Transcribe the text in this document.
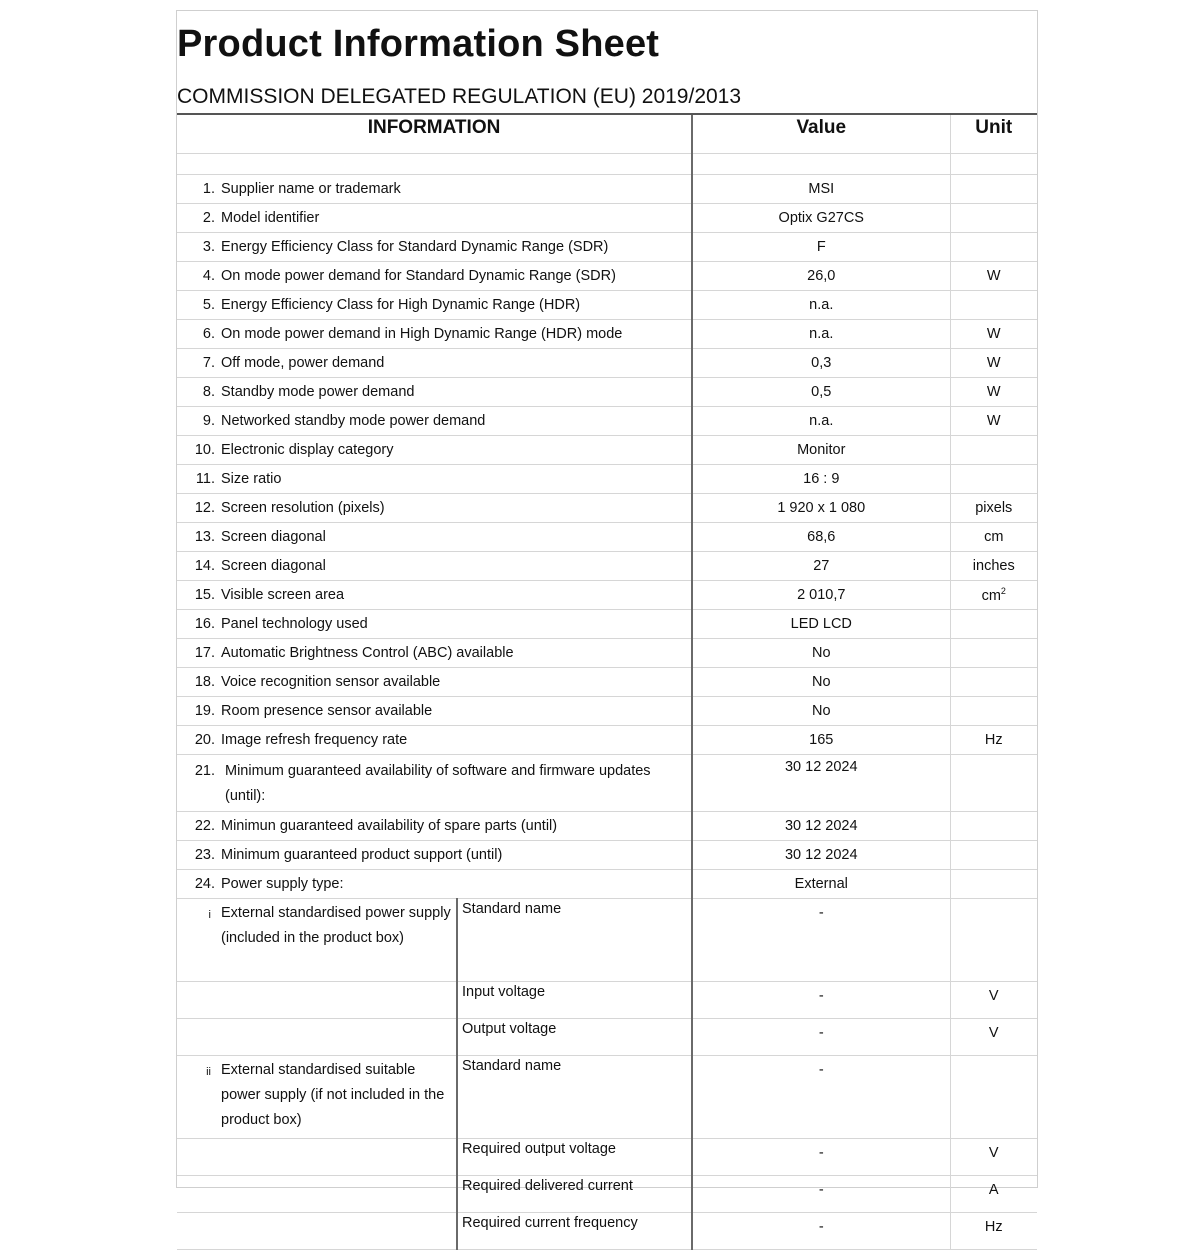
Product Information Sheet
COMMISSION DELEGATED REGULATION (EU) 2019/2013
INFORMATION		Value	Unit

1. Supplier name or trademark		MSI	
2. Model identifier		Optix G27CS	
3. Energy Efficiency Class for Standard Dynamic Range (SDR)		F	
4. On mode power demand for Standard Dynamic Range (SDR)		26,0	W
5. Energy Efficiency Class for High Dynamic Range (HDR)		n.a.	
6. On mode power demand in High Dynamic Range (HDR) mode		n.a.	W
7. Off mode, power demand		0,3	W
8. Standby mode power demand		0,5	W
9. Networked standby mode power demand		n.a.	W
10. Electronic display category		Monitor	
11. Size ratio		16 : 9	
12. Screen resolution (pixels)		1 920 x 1 080	pixels
13. Screen diagonal		68,6	cm
14. Screen diagonal		27	inches
15. Visible screen area		2 010,7	$cm^2$
16. Panel technology used		LED LCD	
17. Automatic Brightness Control (ABC) available		No	
18. Voice recognition sensor available		No	
19. Room presence sensor available		No	
20. Image refresh frequency rate		165	Hz

21. Minimum guaranteed availability of software and firmware updates (until):		30 12 2024	
22. Minimun guaranteed availability of spare parts (until)		30 12 2024	
23. Minimum guaranteed product support (until)		30 12 2024	
24. Power supply type:		External	

i External standardised power supply (included in the product box)	Standard name	-	
	Input voltage	-	V
	Output voltage	-	V

ii External standardised suitable power supply (if not included in the product box)	Standard name	-	
	Required output voltage	-	V
	Required delivered current	-	A
	Required current frequency	-	Hz
